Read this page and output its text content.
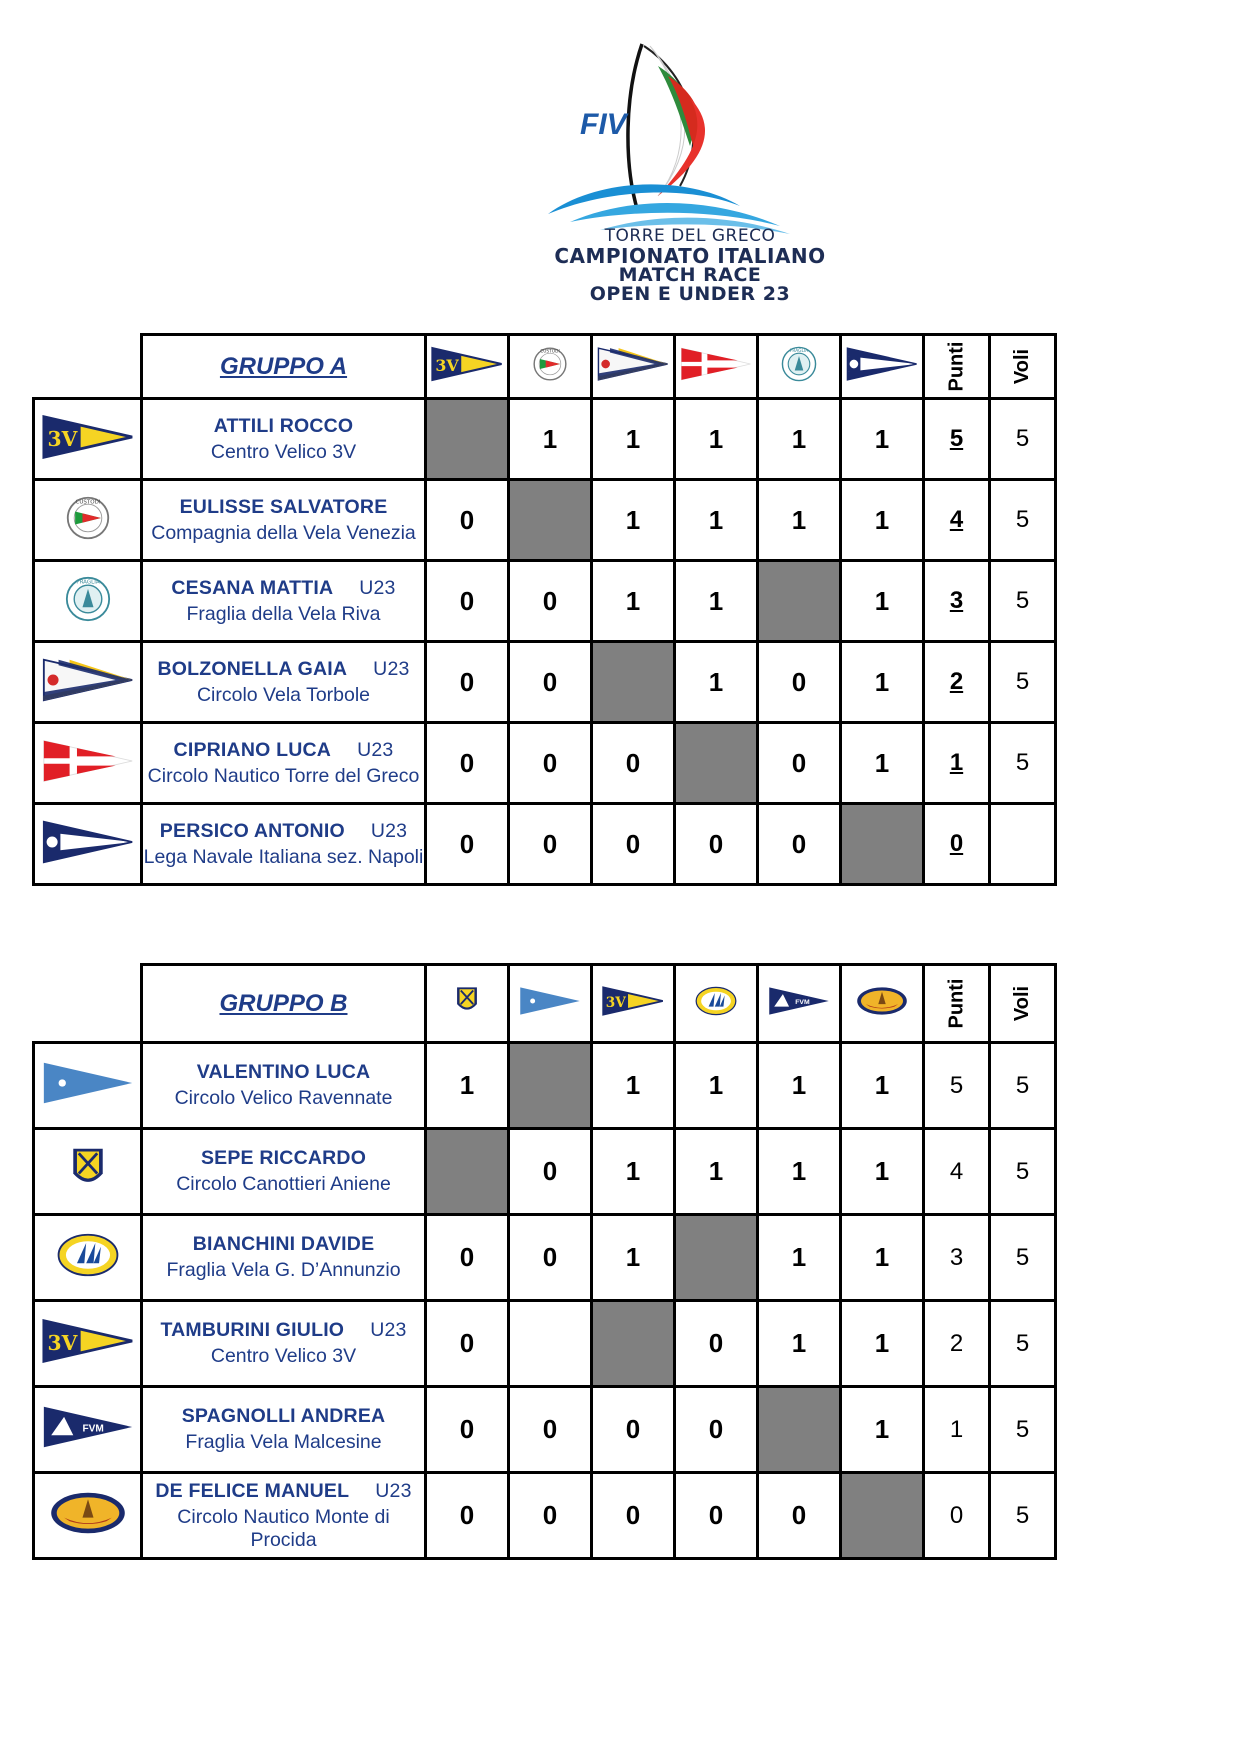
FIV
TORRE DEL GRECO
CAMPIONATO ITALIANO
MATCH RACE
OPEN E UNDER 23
	GRUPPO A	3V	CUSTODI			FRAGLIA		Punti	Voli

3V	ATTILI ROCCO
Centro Velico 3V		1	1	1	1	1	5	5

CUSTODI	EULISSE SALVATORE
Compagnia della Vela Venezia	0		1	1	1	1	4	5

FRAGLIA	CESANA MATTIA U23
Fraglia della Vela Riva	0	0	1	1		1	3	5

BOLZONELLA GAIA U23
Circolo Vela Torbole	0	0		1	0	1	2	5

CIPRIANO LUCA U23
Circolo Nautico Torre del Greco	0	0	0		0	1	1	5

PERSICO ANTONIO U23
Lega Navale Italiana sez. Napoli	0	0	0	0	0		0	
	GRUPPO B			3V		FVM		Punti	Voli

VALENTINO LUCA
Circolo Velico Ravennate	1		1	1	1	1	5	5

SEPE RICCARDO
Circolo Canottieri Aniene		0	1	1	1	1	4	5

BIANCHINI DAVIDE
Fraglia Vela G. D’Annunzio	0	0	1		1	1	3	5

3V	TAMBURINI GIULIO U23
Centro Velico 3V	0			0	1	1	2	5

FVM	SPAGNOLLI ANDREA
Fraglia Vela Malcesine	0	0	0	0		1	1	5

DE FELICE MANUEL U23
Circolo Nautico Monte di Procida	0	0	0	0	0		0	5
